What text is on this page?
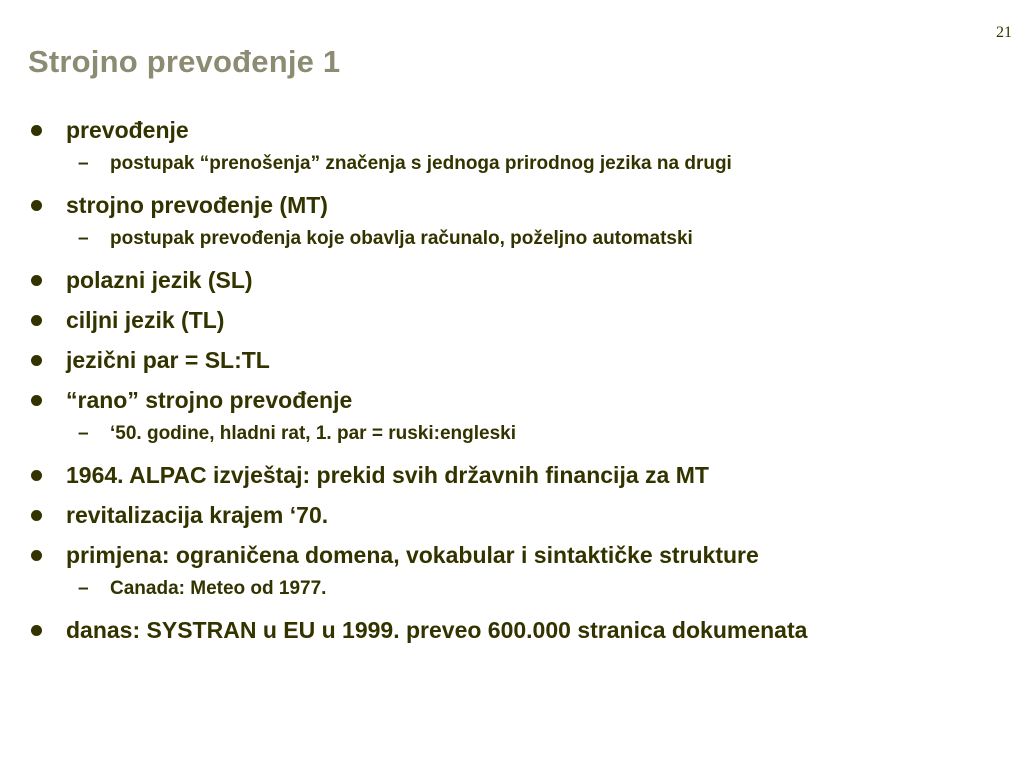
21
Strojno prevođenje 1
prevođenje
– postupak “prenošenja” značenja s jednoga prirodnog jezika na drugi
strojno prevođenje (MT)
– postupak prevođenja koje obavlja računalo, poželjno automatski
polazni jezik (SL)
ciljni jezik (TL)
jezični par = SL:TL
“rano” strojno prevođenje
– ‘50. godine, hladni rat, 1. par = ruski:engleski
1964. ALPAC izvještaj: prekid svih državnih financija za MT
revitalizacija krajem ‘70.
primjena: ograničena domena, vokabular i sintaktičke strukture
– Canada: Meteo od 1977.
danas: SYSTRAN u EU u 1999. preveo 600.000 stranica dokumenata
